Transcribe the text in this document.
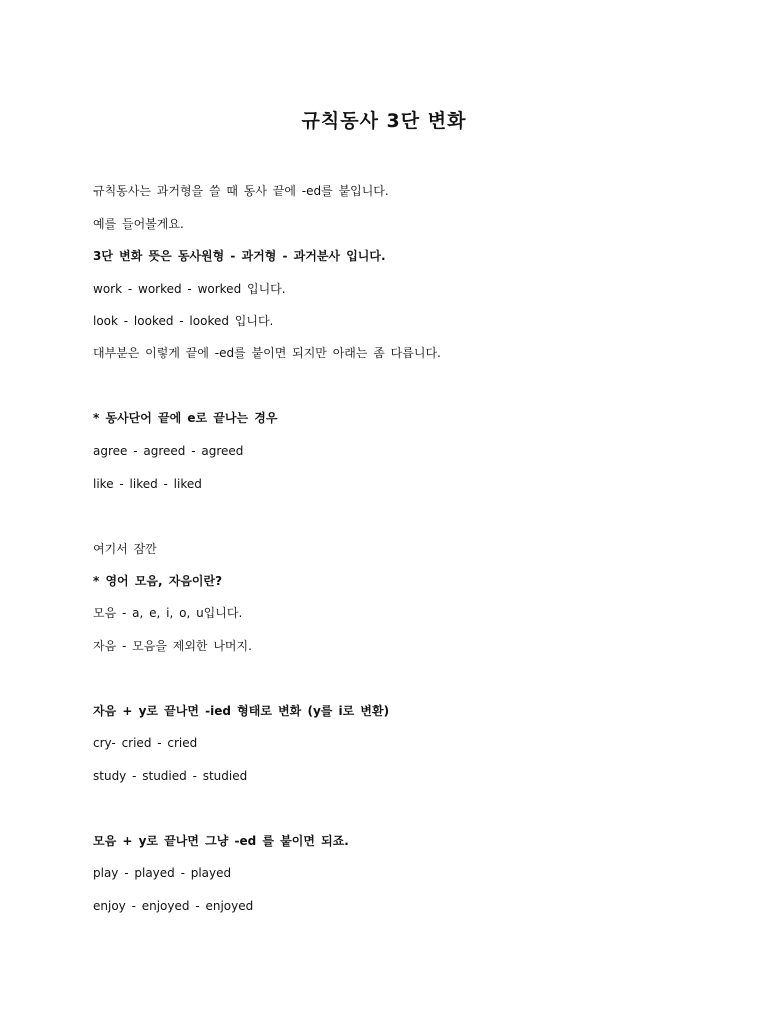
규칙동사 3단 변화
규칙동사는 과거형을 쓸 때 동사 끝에 -ed를 붙입니다.
예를 들어볼게요.
3단 변화 뜻은 동사원형 - 과거형 - 과거분사 입니다.
work - worked - worked 입니다.
look - looked - looked 입니다.
대부분은 이렇게 끝에 -ed를 붙이면 되지만 아래는 좀 다릅니다.
* 동사단어 끝에 e로 끝나는 경우
agree - agreed - agreed
like - liked - liked
여기서 잠깐
* 영어 모음, 자음이란?
모음 - a, e, i, o, u입니다.
자음 - 모음을 제외한 나머지.
자음 + y로 끝나면 -ied 형태로 변화 (y를 i로 변환)
cry- cried - cried
study - studied - studied
모음 + y로 끝나면 그냥 -ed 를 붙이면 되죠.
play - played - played
enjoy - enjoyed - enjoyed
